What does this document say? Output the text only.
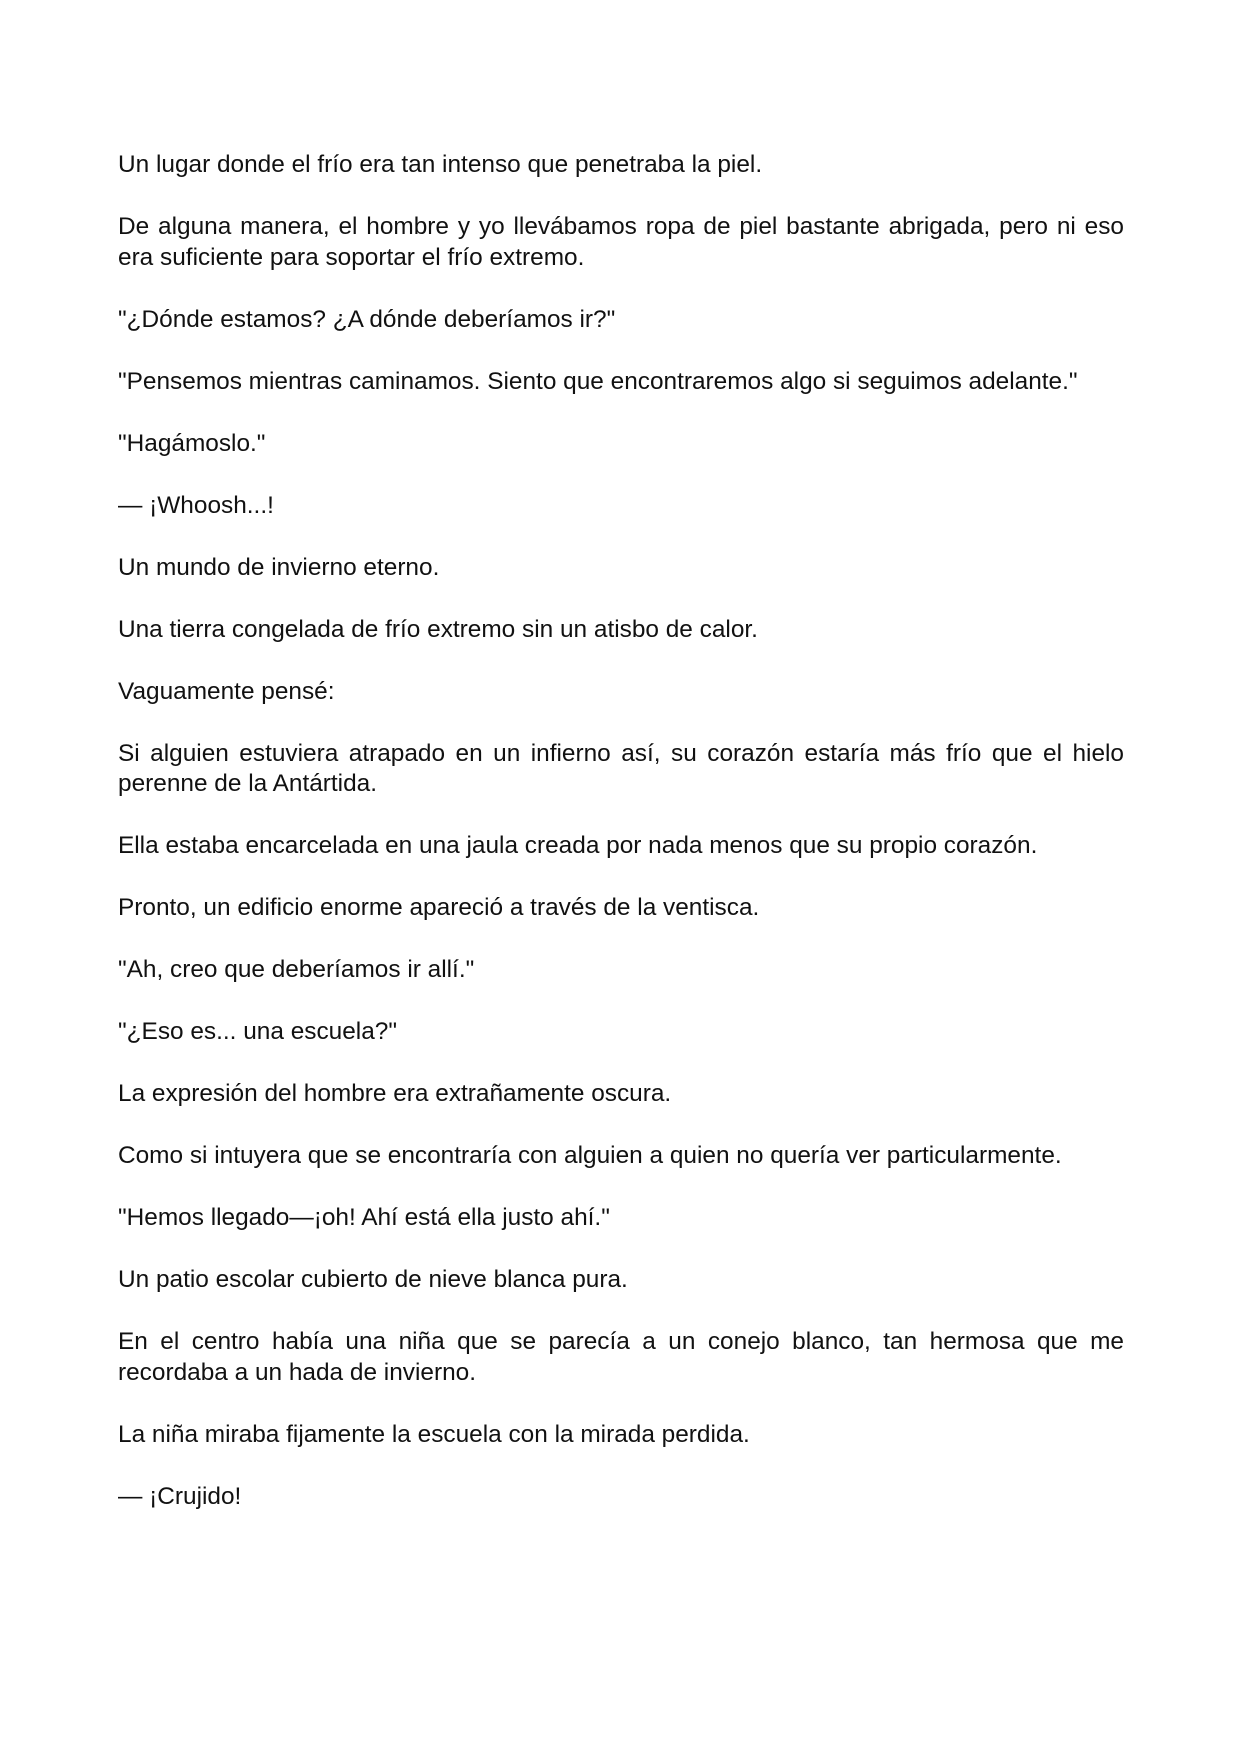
Un lugar donde el frío era tan intenso que penetraba la piel.

De alguna manera, el hombre y yo llevábamos ropa de piel bastante abrigada, pero ni eso era suficiente para soportar el frío extremo.

"¿Dónde estamos? ¿A dónde deberíamos ir?"

"Pensemos mientras caminamos. Siento que encontraremos algo si seguimos adelante."

"Hagámoslo."

— ¡Whoosh...!

Un mundo de invierno eterno.

Una tierra congelada de frío extremo sin un atisbo de calor.

Vaguamente pensé:

Si alguien estuviera atrapado en un infierno así, su corazón estaría más frío que el hielo perenne de la Antártida.

Ella estaba encarcelada en una jaula creada por nada menos que su propio corazón.

Pronto, un edificio enorme apareció a través de la ventisca.

"Ah, creo que deberíamos ir allí."

"¿Eso es... una escuela?"

La expresión del hombre era extrañamente oscura.

Como si intuyera que se encontraría con alguien a quien no quería ver particularmente.

"Hemos llegado—¡oh! Ahí está ella justo ahí."

Un patio escolar cubierto de nieve blanca pura.

En el centro había una niña que se parecía a un conejo blanco, tan hermosa que me recordaba a un hada de invierno.

La niña miraba fijamente la escuela con la mirada perdida.

— ¡Crujido!
